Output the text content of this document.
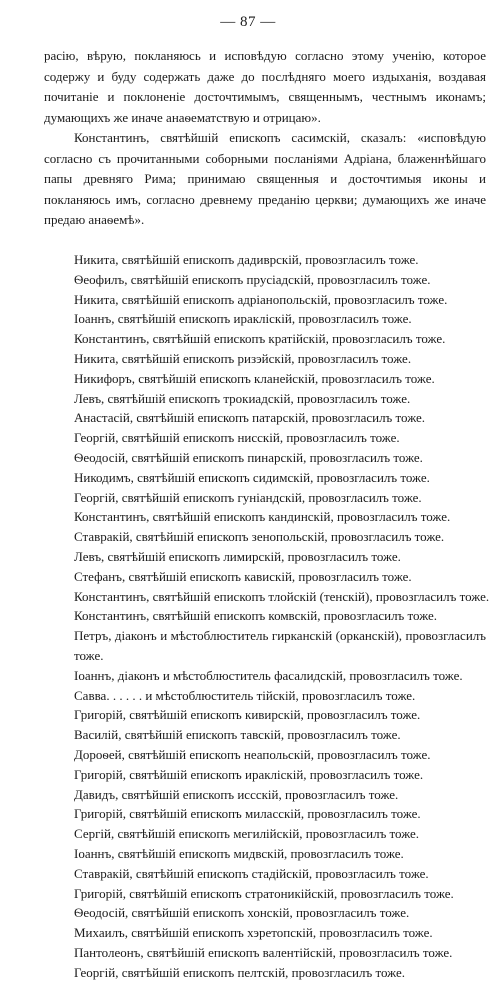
— 87 —

расію, вѣрую, покланяюсь и исповѣдую согласно этому ученію, которое содержу и буду содержать даже до послѣдняго моего издыханія, воздавая почитаніе и поклоненіе досточтимымъ, священнымъ, честнымъ иконамъ; думающихъ же иначе анаѳематствую и отрицаю».

Константинъ, святѣйшій епископъ сасимскій, сказалъ: «исповѣдую согласно съ прочитанными соборными посланіями Адріана, блаженнѣйшаго папы древняго Рима; принимаю священныя и досточтимыя иконы и покланяюсь имъ, согласно древнему преданію церкви; думающихъ же иначе предаю анаѳемѣ».

Никита, святѣйшій епископъ дадиврскій, провозгласилъ тоже.
Ѳеофилъ, святѣйшій епископъ прусіадскій, провозгласилъ тоже.
Никита, святѣйшій епископъ адріанопольскій, провозгласилъ тоже.
Іоаннъ, святѣйшій епископъ иракліскій, провозгласилъ тоже.
Константинъ, святѣйшій епископъ кратійскій, провозгласилъ тоже.
Никита, святѣйшій епископъ ризэйскій, провозгласилъ тоже.
Никифоръ, святѣйшій епископъ кланейскій, провозгласилъ тоже.
Левъ, святѣйшій епископъ трокиадскій, провозгласилъ тоже.
Анастасій, святѣйшій епископъ патарскій, провозгласилъ тоже.
Георгій, святѣйшій епископъ нисскій, провозгласилъ тоже.
Ѳеодосій, святѣйшій епископъ пинарскій, провозгласилъ тоже.
Никодимъ, святѣйшій епископъ сидимскій, провозгласилъ тоже.
Георгій, святѣйшій епископъ гуніандскій, провозгласилъ тоже.
Константинъ, святѣйшій епископъ кандинскій, провозгласилъ тоже.
Ставракій, святѣйшій епископъ зенопольскій, провозгласилъ тоже.
Левъ, святѣйшій епископъ лимирскій, провозгласилъ тоже.
Стефанъ, святѣйшій епископъ кавискій, провозгласилъ тоже.
Константинъ, святѣйшій епископъ тлойскій (тенскій), провозгласилъ тоже.
Константинъ, святѣйшій епископъ комвскій, провозгласилъ тоже.
Петръ, діаконъ и мѣстоблюститель гирканскій (орканскій), провозгласилъ тоже.
Іоаннъ, діаконъ и мѣстоблюститель фасалидскій, провозгласилъ тоже.
Савва. . . . . . и мѣстоблюститель тійскій, провозгласилъ тоже.
Григорій, святѣйшій епископъ кивирскій, провозгласилъ тоже.
Василій, святѣйшій епископъ тавскій, провозгласилъ тоже.
Дороѳей, святѣйшій епископъ неапольскій, провозгласилъ тоже.
Григорій, святѣйшій епископъ иракліскій, провозгласилъ тоже.
Давидъ, святѣйшій епископъ иссскій, провозгласилъ тоже.
Григорій, святѣйшій епископъ миласскій, провозгласилъ тоже.
Сергій, святѣйшій епископъ мегилійскій, провозгласилъ тоже.
Іоаннъ, святѣйшій епископъ мидвскій, провозгласилъ тоже.
Ставракій, святѣйшій епископъ стадійскій, провозгласилъ тоже.
Григорій, святѣйшій епископъ стратоникійскій, провозгласилъ тоже.
Ѳеодосій, святѣйшій епископъ хонскій, провозгласилъ тоже.
Михаилъ, святѣйшій епископъ хэретопскій, провозгласилъ тоже.
Пантолеонъ, святѣйшій епископъ валентійскій, провозгласилъ тоже.
Георгій, святѣйшій епископъ пелтскій, провозгласилъ тоже.
